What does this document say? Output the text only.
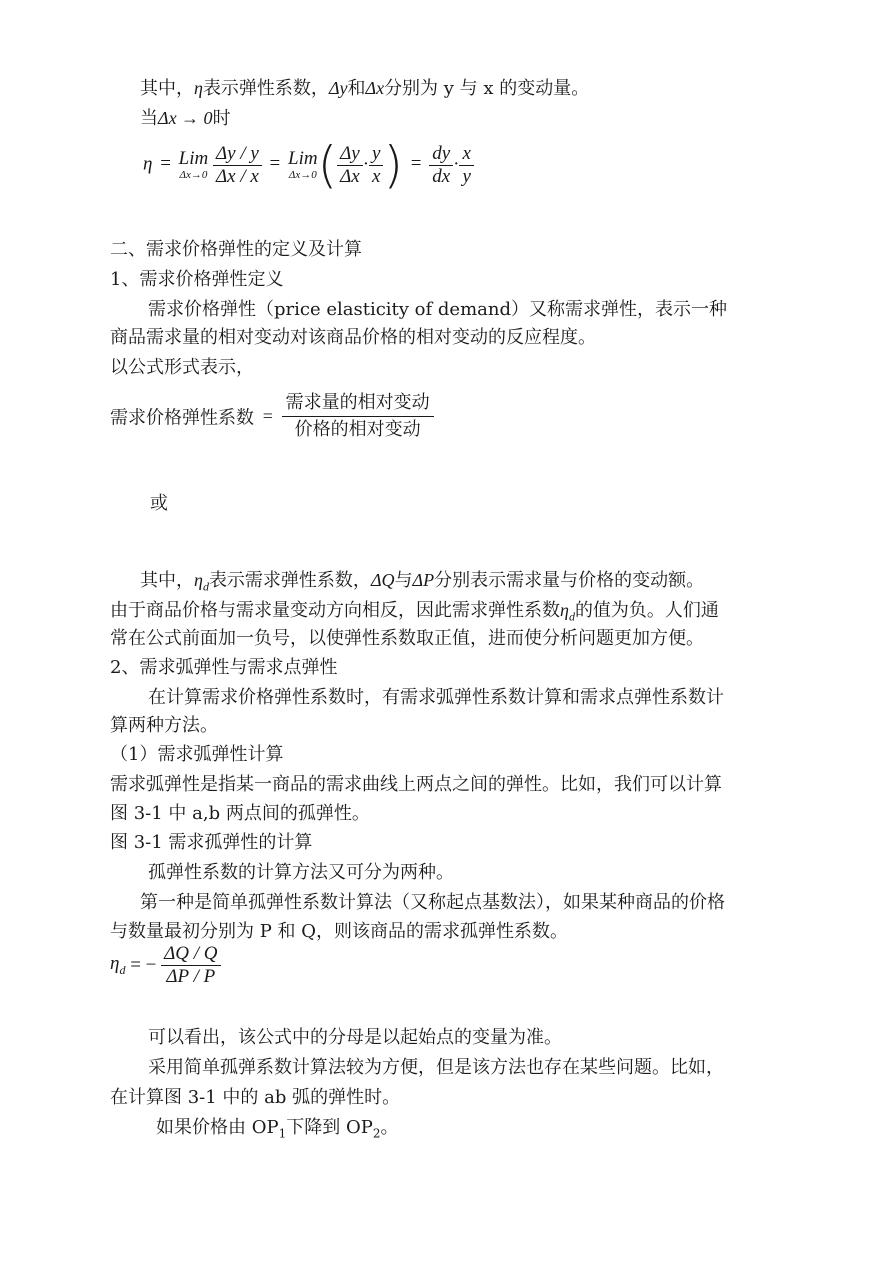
其中，η表示弹性系数，Δy和Δx分别为 y 与 x 的变动量。
当Δx → 0时
η = Lim
Δx→0
$\frac{\Delta y / y}{\Delta x / x}$ = Lim
Δx→0 ( $\frac{\Delta y}{\Delta x} \cdot \frac{y}{x}$ ) = $\frac{dy}{dx} \cdot \frac{x}{y}$
二、需求价格弹性的定义及计算
1、需求价格弹性定义
需求价格弹性（price elasticity of demand）又称需求弹性，表示一种
商品需求量的相对变动对该商品价格的相对变动的反应程度。
以公式形式表示，
需求价格弹性系数 = $\frac{\text{需求量的相对变动}}{\text{价格的相对变动}}$
或
其中，$\eta_d$表示需求弹性系数，ΔQ与ΔP分别表示需求量与价格的变动额。
由于商品价格与需求量变动方向相反，因此需求弹性系数$\eta_d$的值为负。人们通
常在公式前面加一负号，以使弹性系数取正值，进而使分析问题更加方便。
2、需求弧弹性与需求点弹性
在计算需求价格弹性系数时，有需求弧弹性系数计算和需求点弹性系数计
算两种方法。
（1）需求弧弹性计算
需求弧弹性是指某一商品的需求曲线上两点之间的弹性。比如，我们可以计算
图 3-1 中 a,b 两点间的孤弹性。
图 3-1 需求孤弹性的计算
孤弹性系数的计算方法又可分为两种。
第一种是简单孤弹性系数计算法（又称起点基数法），如果某种商品的价格
与数量最初分别为 P 和 Q，则该商品的需求孤弹性系数。
$\eta_d$ = − $\frac{\Delta Q / Q}{\Delta P / P}$
可以看出，该公式中的分母是以起始点的变量为准。
采用简单孤弹系数计算法较为方便，但是该方法也存在某些问题。比如，
在计算图 3-1 中的 ab 弧的弹性时。
如果价格由 $OP_1$下降到 $OP_2$。
